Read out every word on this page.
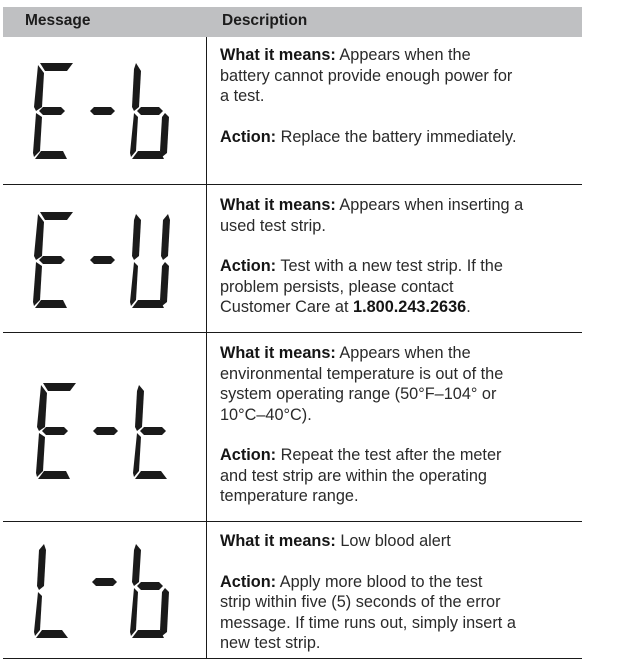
Message	Description

What it means: Appears when the
battery cannot provide enough power for
a test.

Action: Replace the battery immediately.

What it means: Appears when inserting a
used test strip.

Action: Test with a new test strip. If the
problem persists, please contact
Customer Care at 1.800.243.2636.

What it means: Appears when the
environmental temperature is out of the
system operating range (50°F–104° or
10°C–40°C).

Action: Repeat the test after the meter
and test strip are within the operating
temperature range.

What it means: Low blood alert

Action: Apply more blood to the test
strip within five (5) seconds of the error
message. If time runs out, simply insert a
new test strip.
